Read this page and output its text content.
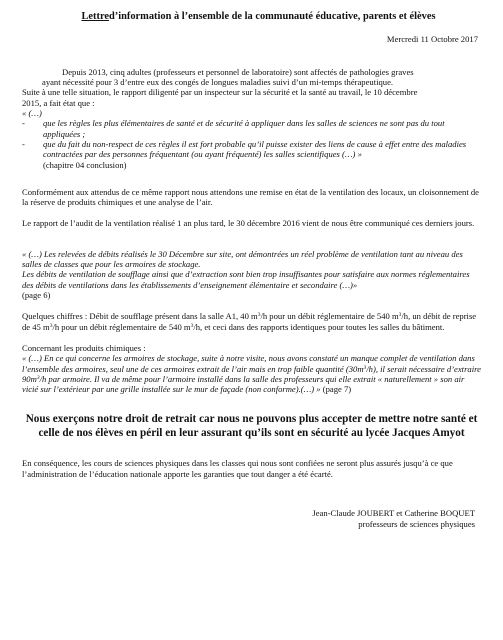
Lettred’information à l’ensemble de la communauté éducative, parents et élèves

Mercredi 11 Octobre 2017

Depuis 2013, cinq adultes (professeurs et personnel de laboratoire) sont affectés de pathologies graves
ayant nécessité pour 3 d’entre eux des congés de longues maladies suivi d’un mi-temps thérapeutique.
Suite à une telle situation, le rapport diligenté par un inspecteur sur la sécurité et la santé au travail, le 10 décembre
2015, a fait état que :
« (…)

-	que les règles les plus élémentaires de santé et de sécurité à appliquer dans les salles de sciences ne sont pas du tout appliquées ;
-	que du fait du non-respect de ces règles il est fort probable qu’il puisse exister des liens de cause à effet entre des maladies contractées par des personnes fréquentant (ou ayant fréquenté) les salles scientifiques (…) »

(chapitre 04 conclusion)

Conformément aux attendus de ce même rapport nous attendons une remise en état de la ventilation des locaux, un cloisonnement de la réserve de produits chimiques et une analyse de l’air.

Le rapport de l’audit de la ventilation réalisé 1 an plus tard, le 30 décembre 2016 vient de nous être communiqué ces derniers jours.

« (…) Les relevées de débits réalisés le 30 Décembre sur site, ont démontrées un réel problème de ventilation tant au niveau des salles de classes que pour les armoires de stockage.

Les débits de ventilation de soufflage ainsi que d’extraction sont bien trop insuffisantes pour satisfaire aux normes réglementaires des débits de ventilations dans les établissements d’enseignement élémentaire et secondaire (…)»

(page 6)

Quelques chiffres : Débit de soufflage présent dans la salle A1, 40 $m^3/h$ pour un débit réglementaire de 540 $m^3/h$, un débit de reprise de 45 $m^3/h$ pour un débit réglementaire de 540 $m^3/h$, et ceci dans des rapports identiques pour toutes les salles du bâtiment.

Concernant les produits chimiques :

« (…) En ce qui concerne les armoires de stockage, suite à notre visite, nous avons constaté un manque complet de ventilation dans l’ensemble des armoires, seul une de ces armoires extrait de l’air mais en trop faible quantité $(30m^3/h)$, il serait nécessaire d’extraire $90m^3/h$ par armoire. Il va de même pour l’armoire installé dans la salle des professeurs qui elle extrait « naturellement » son air vicié sur l’extérieur par une grille installée sur le mur de façade (non conforme).(…) » (page 7)

Nous exerçons notre droit de retrait car nous ne pouvons plus accepter de mettre notre santé et celle de nos élèves en péril en leur assurant qu’ils sont en sécurité au lycée Jacques Amyot

En conséquence, les cours de sciences physiques dans les classes qui nous sont confiées ne seront plus assurés jusqu’à ce que l’administration de l’éducation nationale apporte les garanties que tout danger a été écarté.

Jean-Claude JOUBERT et Catherine BOQUET
professeurs de sciences physiques
